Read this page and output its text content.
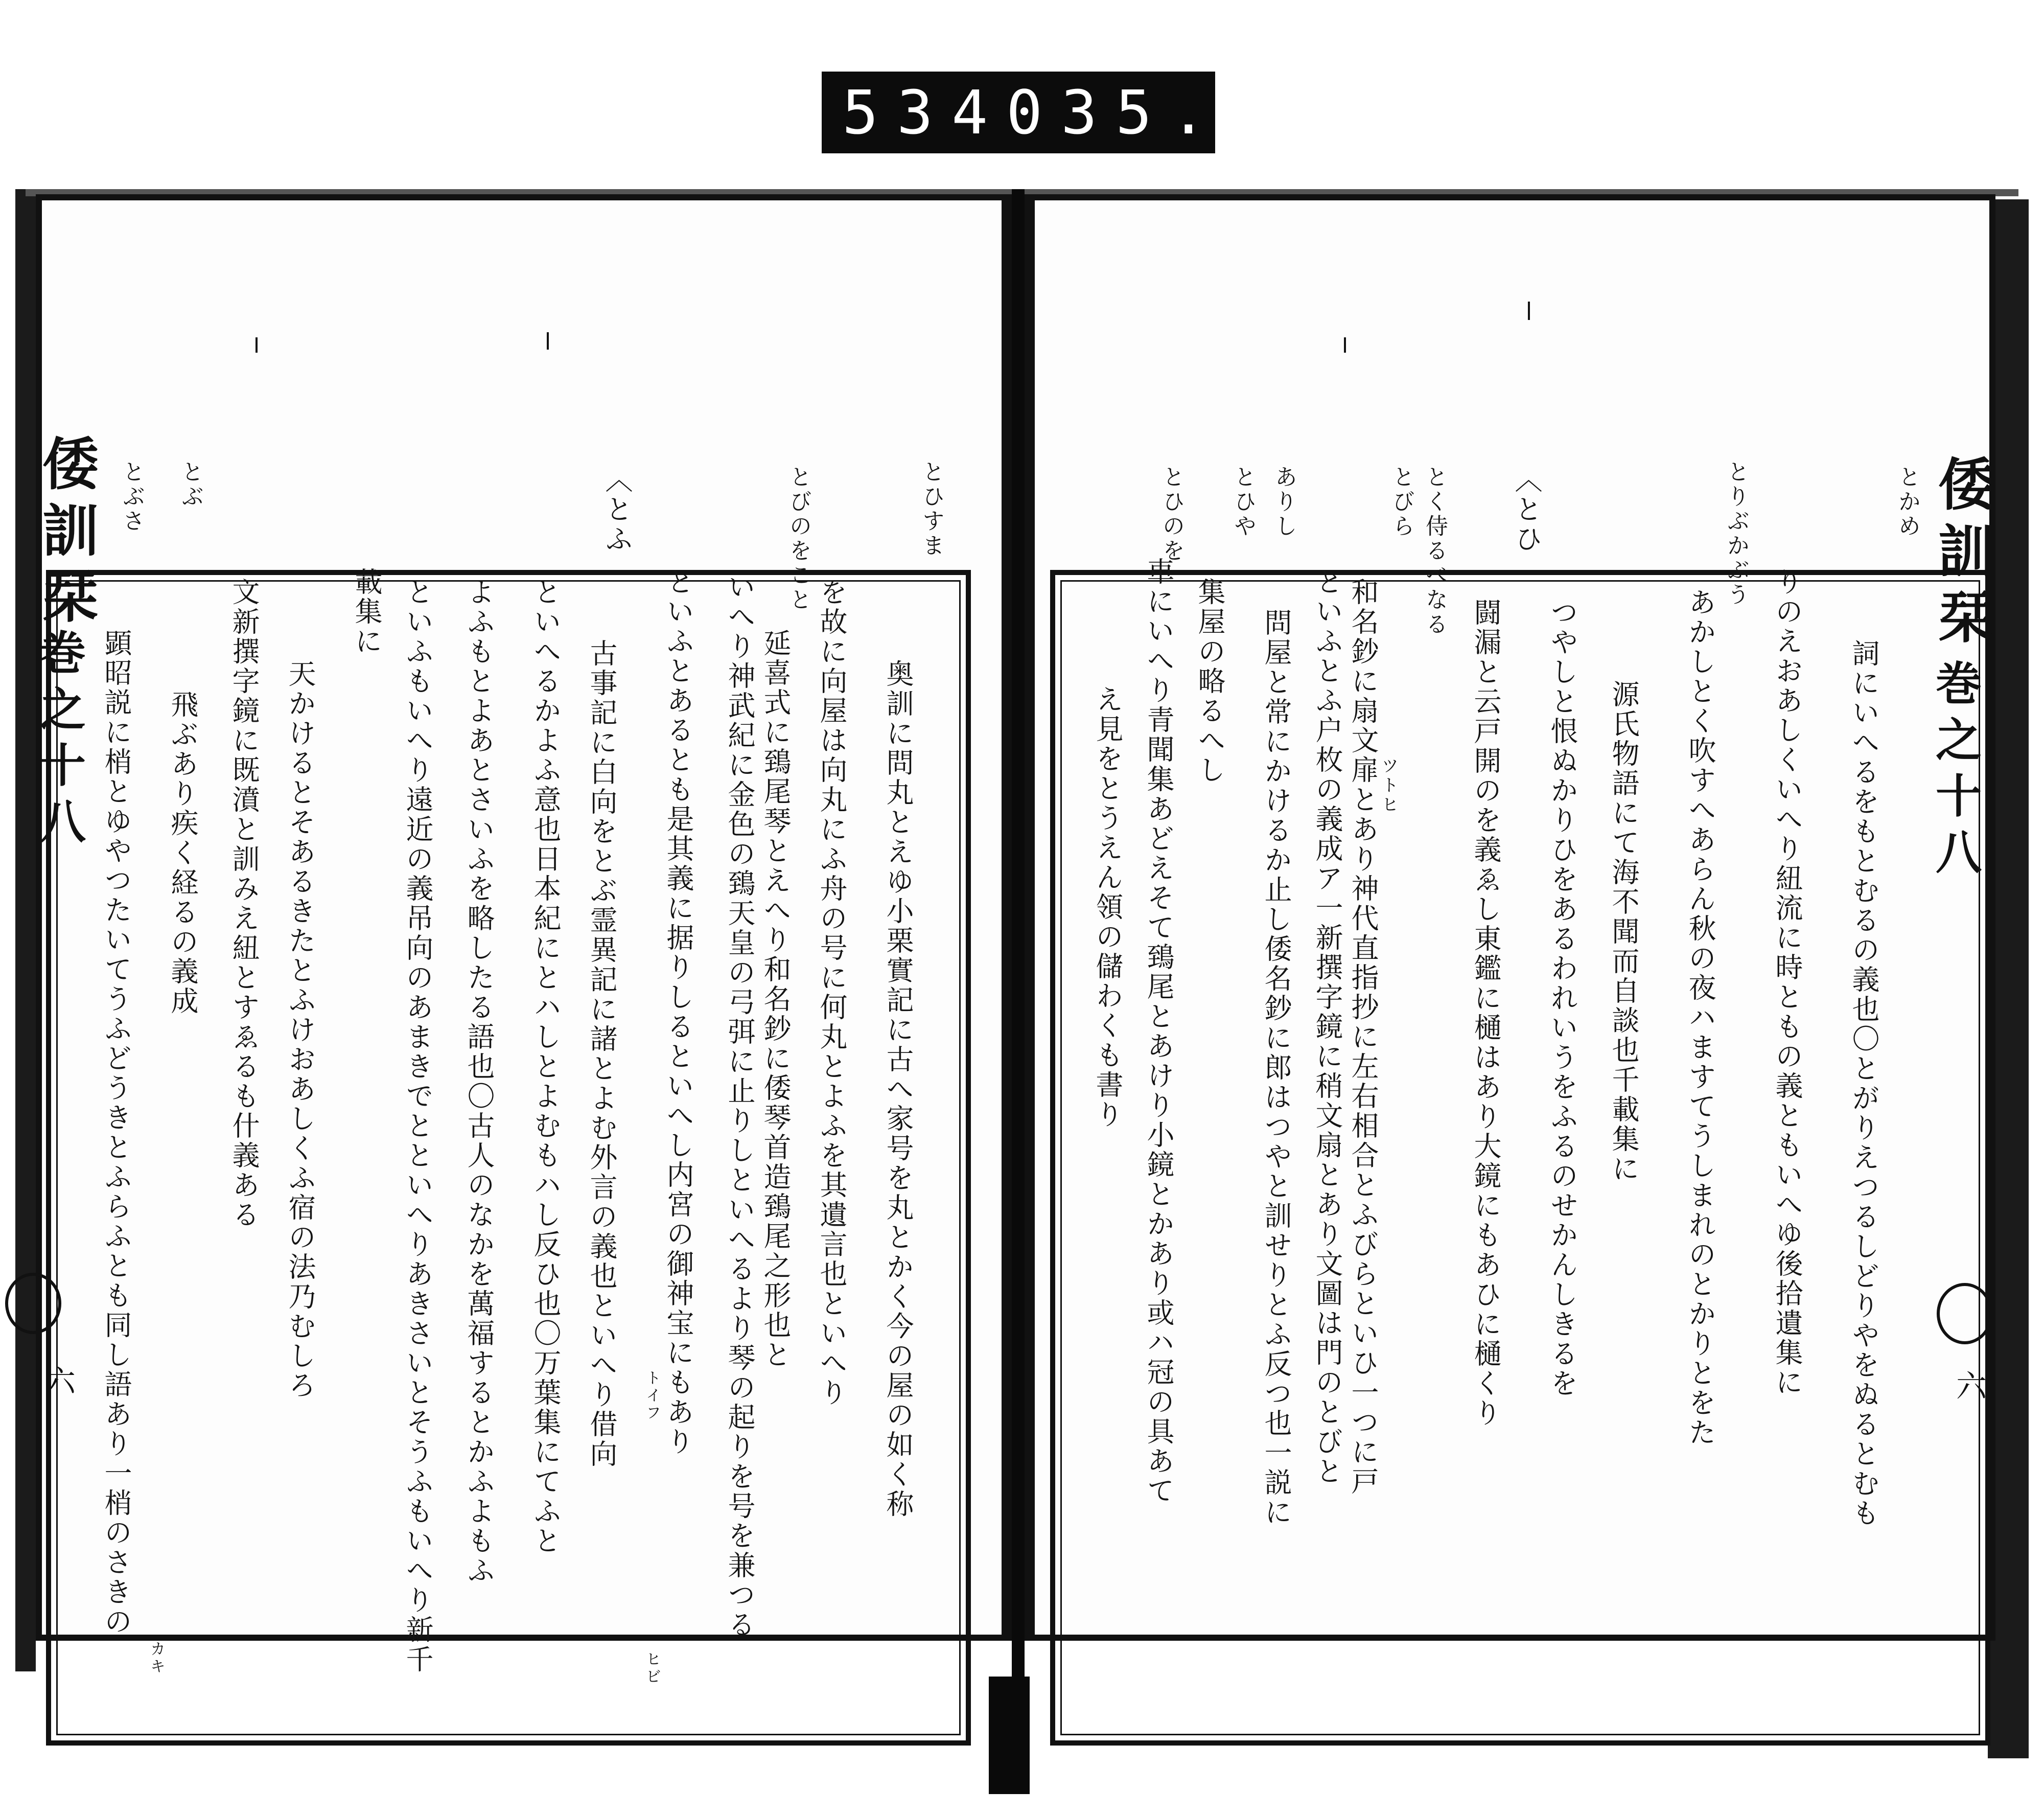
534 035.
倭訓栞
巻之十八
六
倭訓栞
巻之十八
六
とかめ
詞にいへるをもとむるの義也〇とがりえつるしどりやをぬるとむも
りのえおあしくいへり紐流に時ともの義ともいへゆ後拾遺集に
とりぶかぶう
あかしとく吹すへあらん秋の夜ハますてうしまれのとかりとをた
源氏物語にて海不聞而自談也千載集に
つやしと恨ぬかりひをあるわれいうをふるのせかんしきるを
〈とひ
闘漏と云戸開のを義ゑし東鑑に樋はあり大鏡にもあひに樋くり
とく侍るべなる
とびら
和名鈔に扇文扉とあり神代直指抄に左右相合とふびらといひ一つに戸
といふとふ户枚の義成ア一新撰字鏡に稍文扇とあり文圖は門のとびと
ありし
とひや
問屋と常にかけるか止し倭名鈔に郎はつやと訓せりとふ反つ也一説に
集屋の略るへし
とひのを
車にいへり青聞集あどえそて鵄尾とあけり小鏡とかあり或ハ冠の具あて
え見をとうえん領の儲わくも書り	ツトヒ
とひすま
奥訓に問丸とえゆ小栗實記に古へ家号を丸とかく今の屋の如く称
を故に向屋は向丸にふ舟の号に何丸とよふを其遺言也といへり
とびのをこと
延喜式に鵄尾琴とえへり和名鈔に倭琴首造鵄尾之形也と
いへり神武紀に金色の鵄天皇の弓弭に止りしといへるより琴の起りを号を兼つる
といふとあるとも是其義に据りしるといへし内宮の御神宝にもあり
〈とふ
古事記に白向をとぶ霊異記に諸とよむ外言の義也といへり借向
といへるかよふ意也日本紀にとハしとよむもハし反ひ也〇万葉集にてふと
よふもとよあとさいふを略したる語也〇古人のなかを萬福するとかふよもふ
といふもいへり遠近の義吊向のあまきでとといへりあきさいとそうふもいへり新千
載集に
天かけるとそあるきたとふけおあしくふ宿の法乃むしろ
文新撰字鏡に既濆と訓みえ紐とすゑるも什義ある
とぶ
飛ぶあり疾く経るの義成
とぶさ
顕昭説に梢とゆやつたいてうふどうきとふらふとも同し語あり一梢のさきの	トイフ
ヒビ
カキ
